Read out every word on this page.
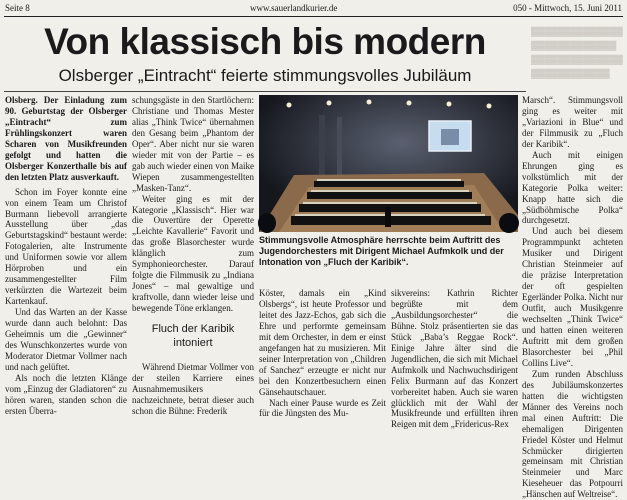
Seite 8	www.sauerlandkurier.de	050 - Mittwoch, 15. Juni 2011
Von klassisch bis modern
Olsberger „Eintracht“ feierte stimmungsvolles Jubiläum
▓▓▓▓▓▓▓▓▓▓▓▓▓▓
▓▓▓▓▓▓▓▓▓▓▓▓▓
▓▓▓▓▓▓▓▓▓▓▓▓▓▓
▓▓▓▓▓▓▓▓▓▓▓▓

Olsberg. Der Einladung zum 90. Geburtstag der Olsberger „Eintracht“ zum Frühlingskonzert waren Scharen von Musikfreunden gefolgt und hatten die Olsberger Konzerthalle bis auf den letzten Platz ausverkauft.

Schon im Foyer konnte eine von einem Team um Christof Burmann liebevoll arrangierte Ausstellung über „das Geburtstagskind“ bestaunt werde: Fotogalerien, alte Instrumente und Uniformen sowie vor allem Hörproben und ein zusammengestellter Film verkürzten die Wartezeit beim Kartenkauf.

Und das Warten an der Kasse wurde dann auch belohnt: Das Geheimnis um die „Gewinner“ des Wunschkonzertes wurde von Moderator Dietmar Vollmer nach und nach gelüftet.

Als noch die letzten Klänge vom „Einzug der Gladiatoren“ zu hören waren, standen schon die ersten Überra-

schungsgäste in den Startlöchern: Christiane und Thomas Mester alias „Think Twice“ übernahmen den Gesang beim „Phantom der Oper“. Aber nicht nur sie waren wieder mit von der Partie – es gab auch wieder einen von Maike Wiepen zusammengestellten „Masken-Tanz“.

Weiter ging es mit der Kategorie „Klassisch“. Hier war die Ouvertüre der Operette „Leichte Kavallerie“ Favorit und das große Blasorchester wurde klänglich zum Symphonieorchester. Darauf folgte die Filmmusik zu „Indiana Jones“ – mal gewaltige und kraftvolle, dann wieder leise und bewegende Töne erklangen.

Fluch der Karibik intoniert

Während Dietmar Vollmer von der steilen Karriere eines Ausnahmemusikers nachzeichnete, betrat dieser auch schon die Bühne: Frederik

Stimmungsvolle Atmosphäre herrschte beim Auftritt des Jugendorchesters mit Dirigent Michael Aufmkolk und der Intonation von „Fluch der Karibik“.

Köster, damals ein „Kind Olsbergs“, ist heute Professor und leitet des Jazz-Echos, gab sich die Ehre und performte gemeinsam mit dem Orchester, in dem er einst angefangen hat zu musizieren. Mit seiner Interpretation von „Children of Sanchez“ erzeugte er nicht nur bei den Konzertbesuchern einen Gänsehautschauer.

Nach einer Pause wurde es Zeit für die Jüngsten des Mu-

sikvereins: Kathrin Richter begrüßte mit dem „Ausbildungsorchester“ die Bühne. Stolz präsentierten sie das Stück „Baba’s Reggae Rock“. Einige Jahre älter sind die Jugendlichen, die sich mit Michael Aufmkolk und Nachwuchsdirigent Felix Burmann auf das Konzert vorbereitet haben. Auch sie waren glücklich mit der Wahl der Musikfreunde und erfüllten ihren Reigen mit dem „Fridericus-Rex

Marsch“. Stimmungsvoll ging es weiter mit „Variazioni in Blue“ und der Filmmusik zu „Fluch der Karibik“.

Auch mit einigen Ehrungen ging es volkstümlich mit der Kategorie Polka weiter: Knapp hatte sich die „Südböhmische Polka“ durchgesetzt.

Und auch bei diesem Programmpunkt achteten Musiker und Dirigent Christian Steinmeier auf die präzise Interpretation der oft gespielten Egerländer Polka. Nicht nur Outfit, auch Musikgenre wechselten „Think Twice“ und hatten einen weiteren Auftritt mit dem großen Blasorchester bei „Phil Collins Live“.

Zum runden Abschluss des Jubiläumskonzertes hatten die wichtigsten Männer des Vereins noch mal einen Auftritt: Die ehemaligen Dirigenten Friedel Köster und Helmut Schmücker dirigierten gemeinsam mit Christian Steinmeier und Marc Kieseheuer das Potpourri „Hänschen auf Weltreise“.
